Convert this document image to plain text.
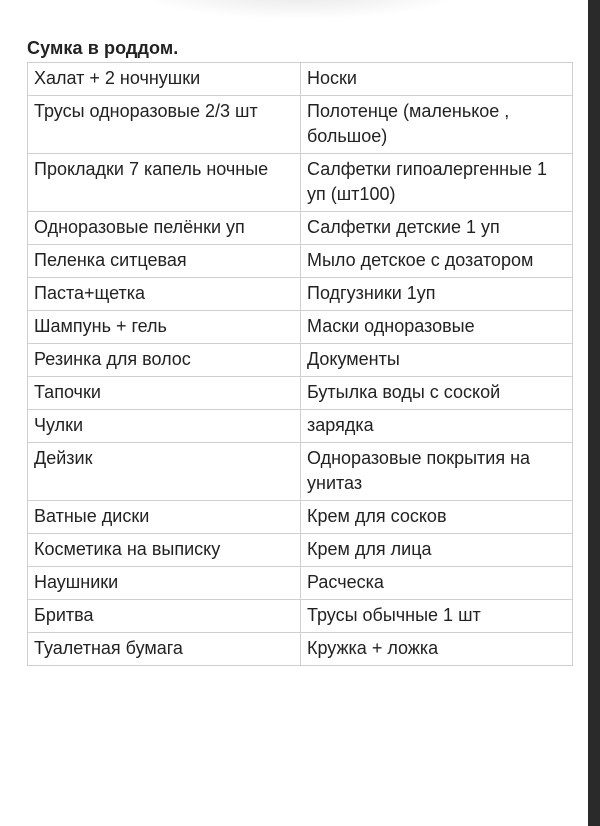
Сумка в роддом.
Халат + 2 ночнушки	Носки
Трусы одноразовые 2/3 шт	Полотенце (маленькое , большое)
Прокладки 7 капель ночные	Салфетки гипоалергенные 1 уп (шт100)
Одноразовые пелёнки уп	Салфетки детские 1 уп
Пеленка ситцевая	Мыло детское с дозатором
Паста+щетка	Подгузники 1уп
Шампунь + гель	Маски одноразовые
Резинка для волос	Документы
Тапочки	Бутылка воды с соской
Чулки	зарядка
Дейзик	Одноразовые покрытия на унитаз
Ватные диски	Крем для сосков
Косметика на выписку	Крем для лица
Наушники	Расческа
Бритва	Трусы обычные 1 шт
Туалетная бумага	Кружка + ложка
